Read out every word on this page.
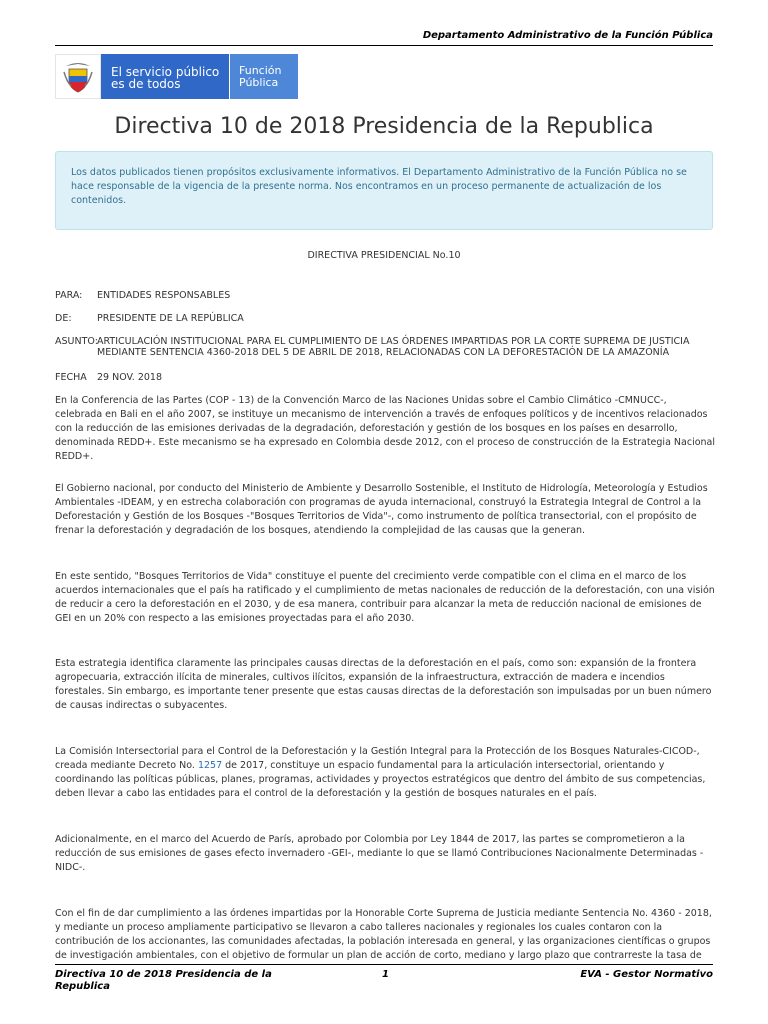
Departamento Administrativo de la Función Pública
El servicio público
es de todos
Función
Pública
Directiva 10 de 2018 Presidencia de la Republica
Los datos publicados tienen propósitos exclusivamente informativos. El Departamento Administrativo de la Función Pública no se hace responsable de la vigencia de la presente norma. Nos encontramos en un proceso permanente de actualización de los contenidos.
DIRECTIVA PRESIDENCIAL No.10
PARA: ENTIDADES RESPONSABLES
DE:	PRESIDENTE DE LA REPÚBLICA
ASUNTO: ARTICULACIÓN INSTITUCIONAL PARA EL CUMPLIMIENTO DE LAS ÓRDENES IMPARTIDAS POR LA CORTE SUPREMA DE JUSTICIA MEDIANTE SENTENCIA 4360-2018 DEL 5 DE ABRIL DE 2018, RELACIONADAS CON LA DEFORESTACIÓN DE LA AMAZONÍA
FECHA 29 NOV. 2018
En la Conferencia de las Partes (COP - 13) de la Convención Marco de las Naciones Unidas sobre el Cambio Climático -CMNUCC-, celebrada en Bali en el año 2007, se instituye un mecanismo de intervención a través de enfoques políticos y de incentivos relacionados con la reducción de las emisiones derivadas de la degradación, deforestación y gestión de los bosques en los países en desarrollo, denominada REDD+. Este mecanismo se ha expresado en Colombia desde 2012, con el proceso de construcción de la Estrategia Nacional REDD+.
El Gobierno nacional, por conducto del Ministerio de Ambiente y Desarrollo Sostenible, el Instituto de Hidrología, Meteorología y Estudios Ambientales -IDEAM, y en estrecha colaboración con programas de ayuda internacional, construyó la Estrategia Integral de Control a la Deforestación y Gestión de los Bosques -"Bosques Territorios de Vida"-, como instrumento de política transectorial, con el propósito de frenar la deforestación y degradación de los bosques, atendiendo la complejidad de las causas que la generan.
En este sentido, "Bosques Territorios de Vida" constituye el puente del crecimiento verde compatible con el clima en el marco de los acuerdos internacionales que el país ha ratificado y el cumplimiento de metas nacionales de reducción de la deforestación, con una visión de reducir a cero la deforestación en el 2030, y de esa manera, contribuir para alcanzar la meta de reducción nacional de emisiones de GEI en un 20% con respecto a las emisiones proyectadas para el año 2030.
Esta estrategia identifica claramente las principales causas directas de la deforestación en el país, como son: expansión de la frontera agropecuaria, extracción ilícita de minerales, cultivos ilícitos, expansión de la infraestructura, extracción de madera e incendios forestales. Sin embargo, es importante tener presente que estas causas directas de la deforestación son impulsadas por un buen número de causas indirectas o subyacentes.
La Comisión Intersectorial para el Control de la Deforestación y la Gestión Integral para la Protección de los Bosques Naturales-CICOD-, creada mediante Decreto No. 1257 de 2017, constituye un espacio fundamental para la articulación intersectorial, orientando y coordinando las políticas públicas, planes, programas, actividades y proyectos estratégicos que dentro del ámbito de sus competencias, deben llevar a cabo las entidades para el control de la deforestación y la gestión de bosques naturales en el país.
Adicionalmente, en el marco del Acuerdo de París, aprobado por Colombia por Ley 1844 de 2017, las partes se comprometieron a la reducción de sus emisiones de gases efecto invernadero -GEI-, mediante lo que se llamó Contribuciones Nacionalmente Determinadas - NIDC-.
Con el fin de dar cumplimiento a las órdenes impartidas por la Honorable Corte Suprema de Justicia mediante Sentencia No. 4360 - 2018, y mediante un proceso ampliamente participativo se llevaron a cabo talleres nacionales y regionales los cuales contaron con la contribución de los accionantes, las comunidades afectadas, la población interesada en general, y las organizaciones científicas o grupos de investigación ambientales, con el objetivo de formular un plan de acción de corto, mediano y largo plazo que contrarreste la tasa de
Directiva 10 de 2018 Presidencia de la Republica
1	EVA - Gestor Normativo
